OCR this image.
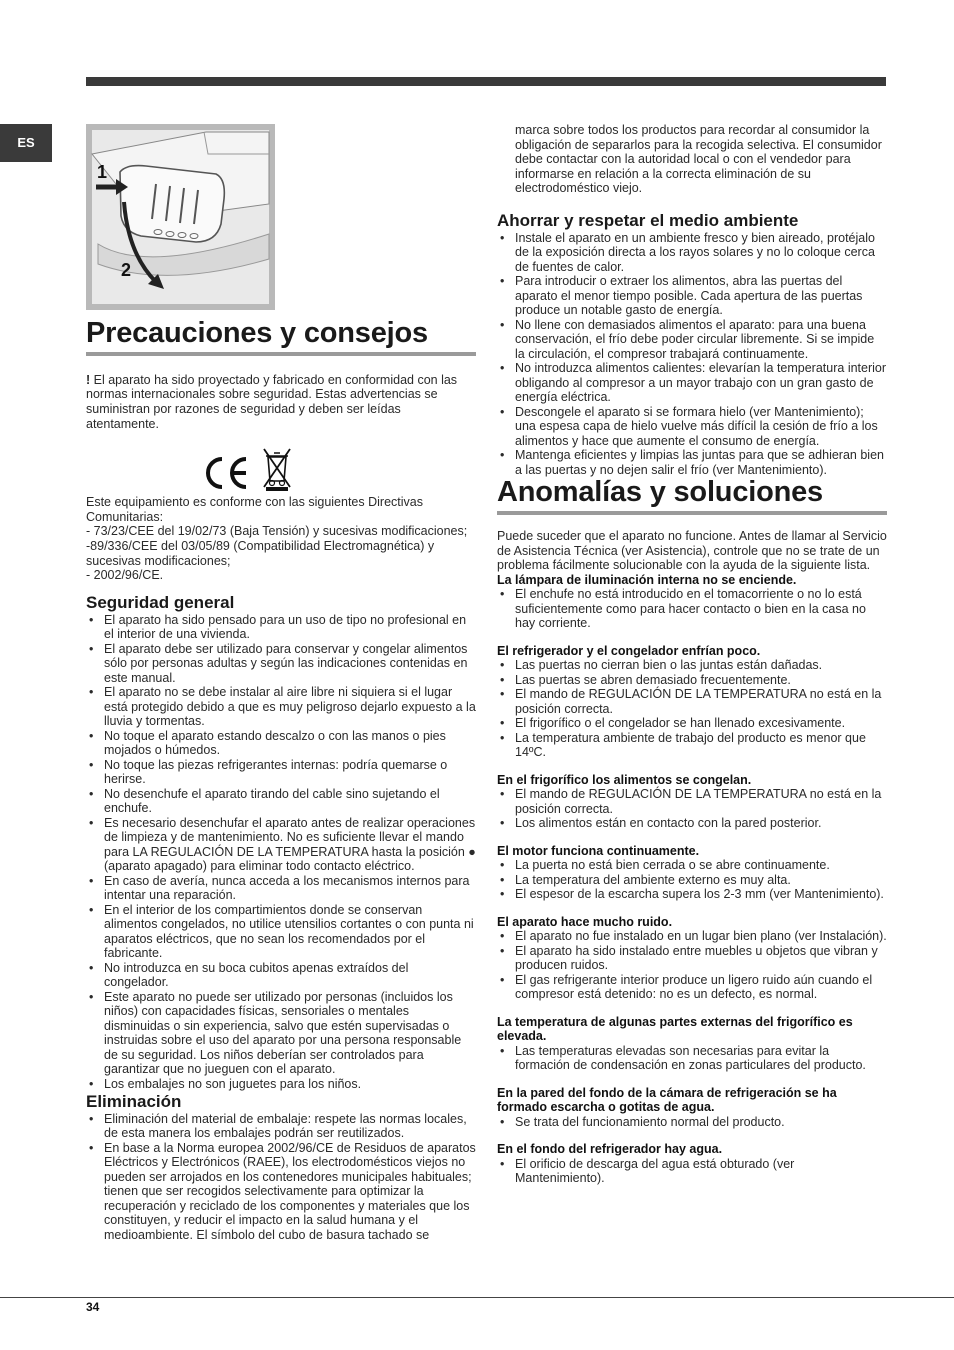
ES
1
2
Precauciones y consejos

! El aparato ha sido proyectado y fabricado en conformidad con las normas internacionales sobre seguridad. Estas advertencias se suministran por razones de seguridad y deben ser leídas atentamente.

Este equipamiento es conforme con las siguientes Directivas Comunitarias:

- 73/23/CEE del 19/02/73 (Baja Tensión) y sucesivas modificaciones;

-89/336/CEE del 03/05/89 (Compatibilidad Electromagnética) y sucesivas modificaciones;

- 2002/96/CE.

Seguridad general
• El aparato ha sido pensado para un uso de tipo no profesional en el interior de una vivienda.
• El aparato debe ser utilizado para conservar y congelar alimentos sólo por personas adultas y según las indicaciones contenidas en este manual.
• El aparato no se debe instalar al aire libre ni siquiera si el lugar está protegido debido a que es muy peligroso dejarlo expuesto a la lluvia y tormentas.
• No toque el aparato estando descalzo o con las manos o pies mojados o húmedos.
• No toque las piezas refrigerantes internas: podría quemarse o herirse.
• No desenchufe el aparato tirando del cable sino sujetando el enchufe.
• Es necesario desenchufar el aparato antes de realizar operaciones de limpieza y de mantenimiento. No es suficiente llevar el mando para LA REGULACIÓN DE LA TEMPERATURA hasta la posición ● (aparato apagado) para eliminar todo contacto eléctrico.
• En caso de avería, nunca acceda a los mecanismos internos para intentar una reparación.
• En el interior de los compartimientos donde se conservan alimentos congelados, no utilice utensilios cortantes o con punta ni aparatos eléctricos, que no sean los recomendados por el fabricante.
• No introduzca en su boca cubitos apenas extraídos del congelador.
• Este aparato no puede ser utilizado por personas (incluidos los niños) con capacidades físicas, sensoriales o mentales disminuidas o sin experiencia, salvo que estén supervisadas o instruidas sobre el uso del aparato por una persona responsable de su seguridad. Los niños deberían ser controlados para garantizar que no jueguen con el aparato.
• Los embalajes no son juguetes para los niños.
Eliminación
• Eliminación del material de embalaje: respete las normas locales, de esta manera los embalajes podrán ser reutilizados.
• En base a la Norma europea 2002/96/CE de Residuos de aparatos Eléctricos y Electrónicos (RAEE), los electrodomésticos viejos no pueden ser arrojados en los contenedores municipales habituales; tienen que ser recogidos selectivamente para optimizar la recuperación y reciclado de los componentes y materiales que los constituyen, y reducir el impacto en la salud humana y el medioambiente. El símbolo del cubo de basura tachado se

marca sobre todos los productos para recordar al consumidor la obligación de separarlos para la recogida selectiva. El consumidor debe contactar con la autoridad local o con el vendedor para informarse en relación a la correcta eliminación de su electrodoméstico viejo.

Ahorrar y respetar el medio ambiente
• Instale el aparato en un ambiente fresco y bien aireado, protéjalo de la exposición directa a los rayos solares y no lo coloque cerca de fuentes de calor.
• Para introducir o extraer los alimentos, abra las puertas del aparato el menor tiempo posible. Cada apertura de las puertas produce un notable gasto de energía.
• No llene con demasiados alimentos el aparato: para una buena conservación, el frío debe poder circular libremente. Si se impide la circulación, el compresor trabajará continuamente.
• No introduzca alimentos calientes: elevarían la temperatura interior obligando al compresor a un mayor trabajo con un gran gasto de energía eléctrica.
• Descongele el aparato si se formara hielo (ver Mantenimiento); una espesa capa de hielo vuelve más difícil la cesión de frío a los alimentos y hace que aumente el consumo de energía.
• Mantenga eficientes y limpias las juntas para que se adhieran bien a las puertas y no dejen salir el frío (ver Mantenimiento).
Anomalías y soluciones

Puede suceder que el aparato no funcione. Antes de llamar al Servicio de Asistencia Técnica (ver Asistencia), controle que no se trate de un problema fácilmente solucionable con la ayuda de la siguiente lista.

La lámpara de iluminación interna no se enciende.
• El enchufe no está introducido en el tomacorriente o no lo está suficientemente como para hacer contacto o bien en la casa no hay corriente.
El refrigerador y el congelador enfrían poco.
• Las puertas no cierran bien o las juntas están dañadas.
• Las puertas se abren demasiado frecuentemente.
• El mando de REGULACIÓN DE LA TEMPERATURA no está en la posición correcta.
• El frigorífico o el congelador se han llenado excesivamente.
• La temperatura ambiente de trabajo del producto es menor que 14ºC.
En el frigorífico los alimentos se congelan.
• El mando de REGULACIÓN DE LA TEMPERATURA no está en la posición correcta.
• Los alimentos están en contacto con la pared posterior.
El motor funciona continuamente.
• La puerta no está bien cerrada o se abre continuamente.
• La temperatura del ambiente externo es muy alta.
• El espesor de la escarcha supera los 2-3 mm (ver Mantenimiento).
El aparato hace mucho ruido.
• El aparato no fue instalado en un lugar bien plano (ver Instalación).
• El aparato ha sido instalado entre muebles u objetos que vibran y producen ruidos.
• El gas refrigerante interior produce un ligero ruido aún cuando el compresor está detenido: no es un defecto, es normal.
La temperatura de algunas partes externas del frigorífico es elevada.
• Las temperaturas elevadas son necesarias para evitar la formación de condensación en zonas particulares del producto.
En la pared del fondo de la cámara de refrigeración se ha formado escarcha o gotitas de agua.
• Se trata del funcionamiento normal del producto.
En el fondo del refrigerador hay agua.
• El orificio de descarga del agua está obturado (ver Mantenimiento).
34
